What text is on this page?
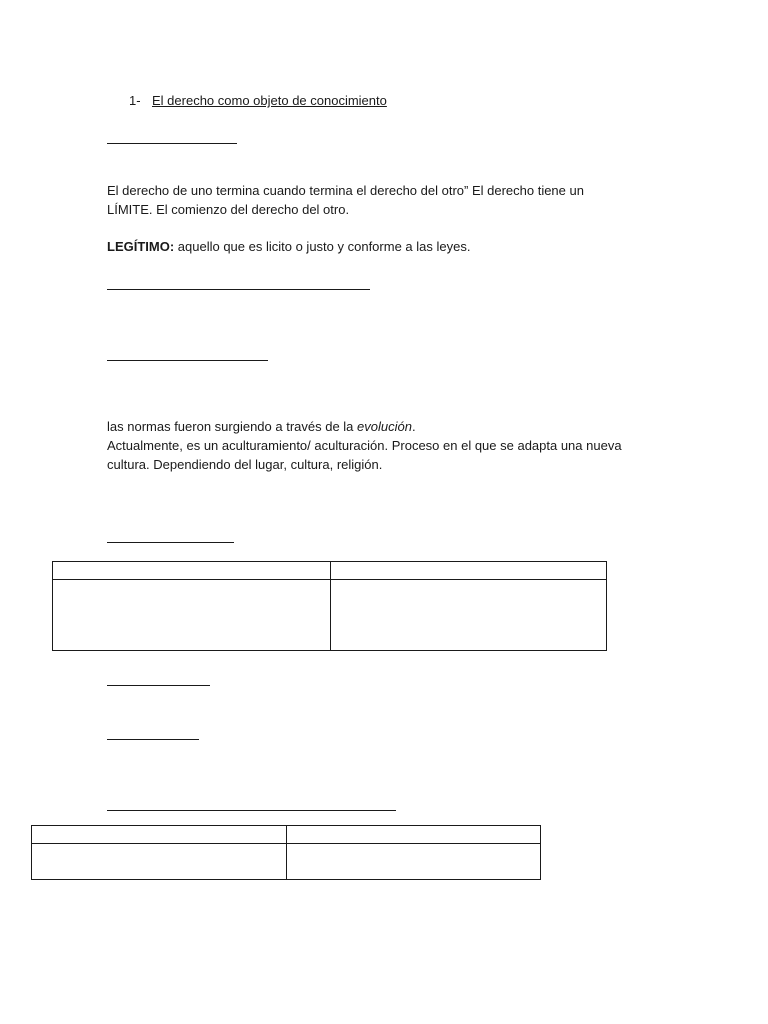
1- El derecho como objeto de conocimiento
El derecho de uno termina cuando termina el derecho del otro” El derecho tiene un
LÍMITE. El comienzo del derecho del otro.
LEGÍTIMO: aquello que es licito o justo y conforme a las leyes.
las normas fueron surgiendo a través de la evolución.
Actualmente, es un aculturamiento/ aculturación. Proceso en el que se adapta una nueva
cultura. Dependiendo del lugar, cultura, religión.
